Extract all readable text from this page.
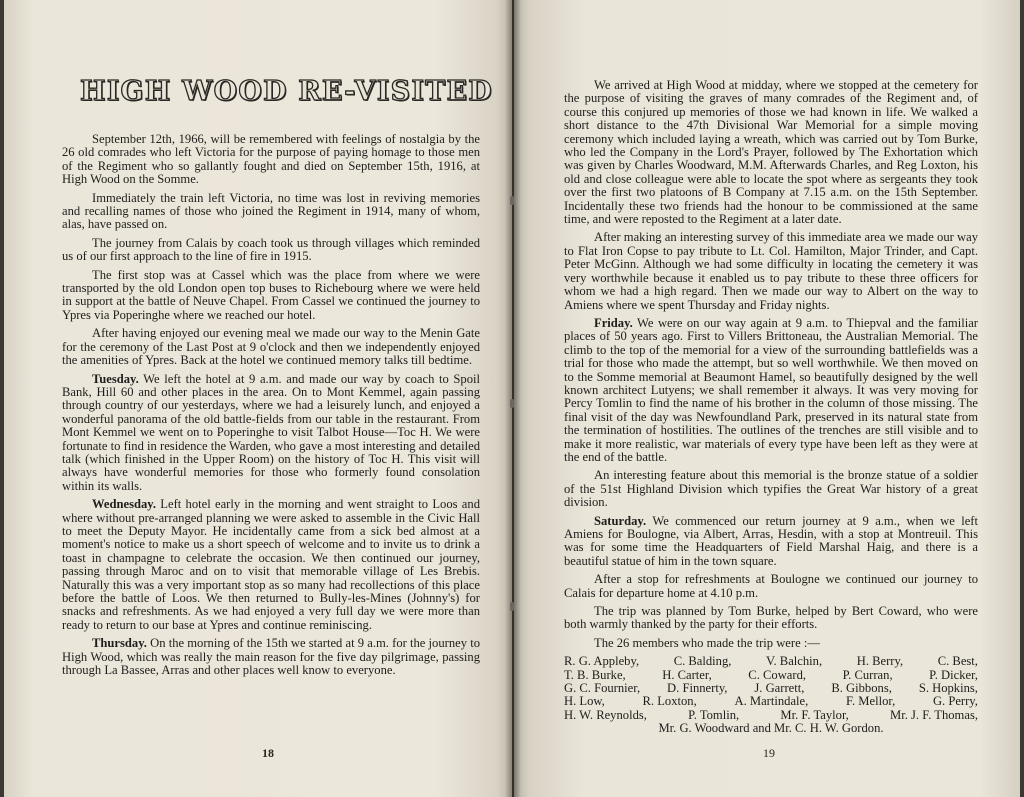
HIGH WOOD RE-VISITED

September 12th, 1966, will be remembered with feelings of nostalgia by the 26 old comrades who left Victoria for the purpose of paying homage to those men of the Regiment who so gallantly fought and died on September 15th, 1916, at High Wood on the Somme.

Immediately the train left Victoria, no time was lost in reviving memories and recalling names of those who joined the Regiment in 1914, many of whom, alas, have passed on.

The journey from Calais by coach took us through villages which reminded us of our first approach to the line of fire in 1915.

The first stop was at Cassel which was the place from where we were transported by the old London open top buses to Richebourg where we were held in support at the battle of Neuve Chapel. From Cassel we continued the journey to Ypres via Poperinghe where we reached our hotel.

After having enjoyed our evening meal we made our way to the Menin Gate for the ceremony of the Last Post at 9 o'clock and then we independently enjoyed the amenities of Ypres. Back at the hotel we continued memory talks till bedtime.

Tuesday. We left the hotel at 9 a.m. and made our way by coach to Spoil Bank, Hill 60 and other places in the area. On to Mont Kemmel, again passing through country of our yesterdays, where we had a leisurely lunch, and enjoyed a wonderful panorama of the old battle-fields from our table in the restaurant. From Mont Kemmel we went on to Poperinghe to visit Talbot House—Toc H. We were fortunate to find in residence the Warden, who gave a most interesting and detailed talk (which finished in the Upper Room) on the history of Toc H. This visit will always have wonderful memories for those who formerly found consolation within its walls.

Wednesday. Left hotel early in the morning and went straight to Loos and where without pre-arranged planning we were asked to assemble in the Civic Hall to meet the Deputy Mayor. He incidentally came from a sick bed almost at a moment's notice to make us a short speech of welcome and to invite us to drink a toast in champagne to celebrate the occasion. We then continued our journey, passing through Maroc and on to visit that memorable village of Les Brebis. Naturally this was a very important stop as so many had recollections of this place before the battle of Loos. We then returned to Bully-les-Mines (Johnny's) for snacks and refreshments. As we had enjoyed a very full day we were more than ready to return to our base at Ypres and continue reminiscing.

Thursday. On the morning of the 15th we started at 9 a.m. for the journey to High Wood, which was really the main reason for the five day pilgrimage, passing through La Bassee, Arras and other places well know to everyone.

18

We arrived at High Wood at midday, where we stopped at the cemetery for the purpose of visiting the graves of many comrades of the Regiment and, of course this conjured up memories of those we had known in life. We walked a short distance to the 47th Divisional War Memorial for a simple moving ceremony which included laying a wreath, which was carried out by Tom Burke, who led the Company in the Lord's Prayer, followed by The Exhortation which was given by Charles Woodward, M.M. Afterwards Charles, and Reg Loxton, his old and close colleague were able to locate the spot where as sergeants they took over the first two platoons of B Company at 7.15 a.m. on the 15th September. Incidentally these two friends had the honour to be commissioned at the same time, and were reposted to the Regiment at a later date.

After making an interesting survey of this immediate area we made our way to Flat Iron Copse to pay tribute to Lt. Col. Hamilton, Major Trinder, and Capt. Peter McGinn. Although we had some difficulty in locating the cemetery it was very worthwhile because it enabled us to pay tribute to these three officers for whom we had a high regard. Then we made our way to Albert on the way to Amiens where we spent Thursday and Friday nights.

Friday. We were on our way again at 9 a.m. to Thiepval and the familiar places of 50 years ago. First to Villers Brittoneau, the Australian Memorial. The climb to the top of the memorial for a view of the surrounding battlefields was a trial for those who made the attempt, but so well worthwhile. We then moved on to the Somme memorial at Beaumont Hamel, so beautifully designed by the well known architect Lutyens; we shall remember it always. It was very moving for Percy Tomlin to find the name of his brother in the column of those missing. The final visit of the day was Newfoundland Park, preserved in its natural state from the termination of hostilities. The outlines of the trenches are still visible and to make it more realistic, war materials of every type have been left as they were at the end of the battle.

An interesting feature about this memorial is the bronze statue of a soldier of the 51st Highland Division which typifies the Great War history of a great division.

Saturday. We commenced our return journey at 9 a.m., when we left Amiens for Boulogne, via Albert, Arras, Hesdin, with a stop at Montreuil. This was for some time the Headquarters of Field Marshal Haig, and there is a beautiful statue of him in the town square.

After a stop for refreshments at Boulogne we continued our journey to Calais for departure home at 4.10 p.m.

The trip was planned by Tom Burke, helped by Bert Coward, who were both warmly thanked by the party for their efforts.

The 26 members who made the trip were :—

R. G. Appleby,	C. Balding,	V. Balchin,	H. Berry,	C. Best,
T. B. Burke,	H. Carter,	C. Coward,	P. Curran,	P. Dicker,
G. C. Fournier, D. Finnerty, J. Garrett, B. Gibbons, S. Hopkins,
H. Low,	R. Loxton,	A. Martindale,	F. Mellor,	G. Perry,
H. W. Reynolds,	P. Tomlin,	Mr. F. Taylor,	Mr. J. F. Thomas,
Mr. G. Woodward and Mr. C. H. W. Gordon.
19
